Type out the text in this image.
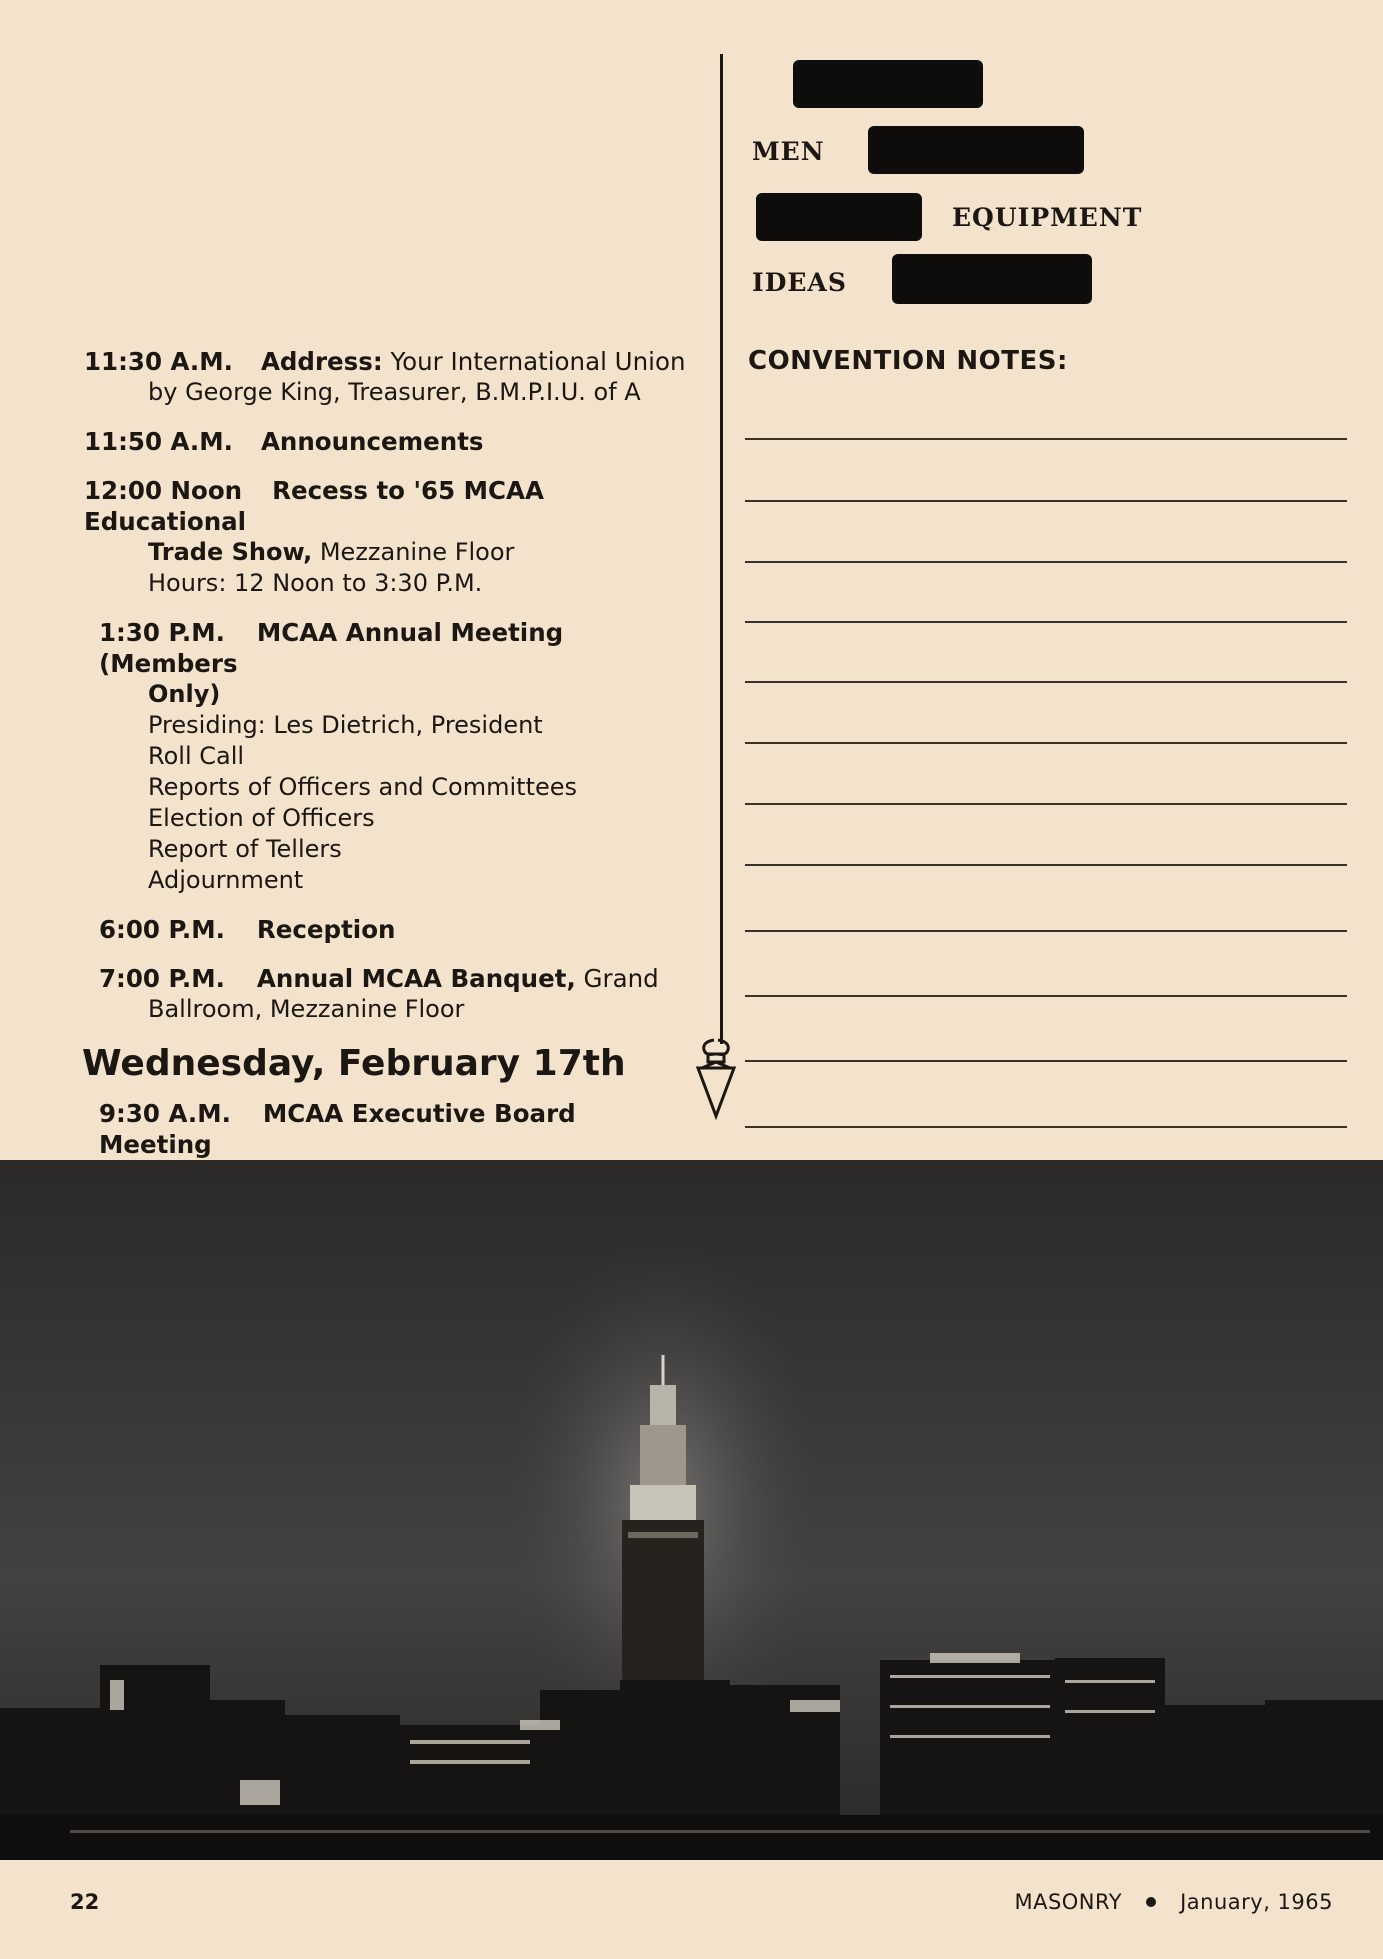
MEN
EQUIPMENT
IDEAS
CONVENTION NOTES:
11:30 A.M. Address: Your International Union
by George King, Treasurer, B.M.P.I.U. of A
11:50 A.M. Announcements
12:00 Noon Recess to '65 MCAA Educational
Trade Show, Mezzanine Floor
Hours: 12 Noon to 3:30 P.M.
1:30 P.M. MCAA Annual Meeting (Members
Only)
Presiding: Les Dietrich, President
Roll Call
Reports of Officers and Committees
Election of Officers
Report of Tellers
Adjournment
6:00 P.M. Reception
7:00 P.M. Annual MCAA Banquet, Grand
Ballroom, Mezzanine Floor
Wednesday, February 17th
9:30 A.M. MCAA Executive Board Meeting
22	MASONRY	January, 1965
